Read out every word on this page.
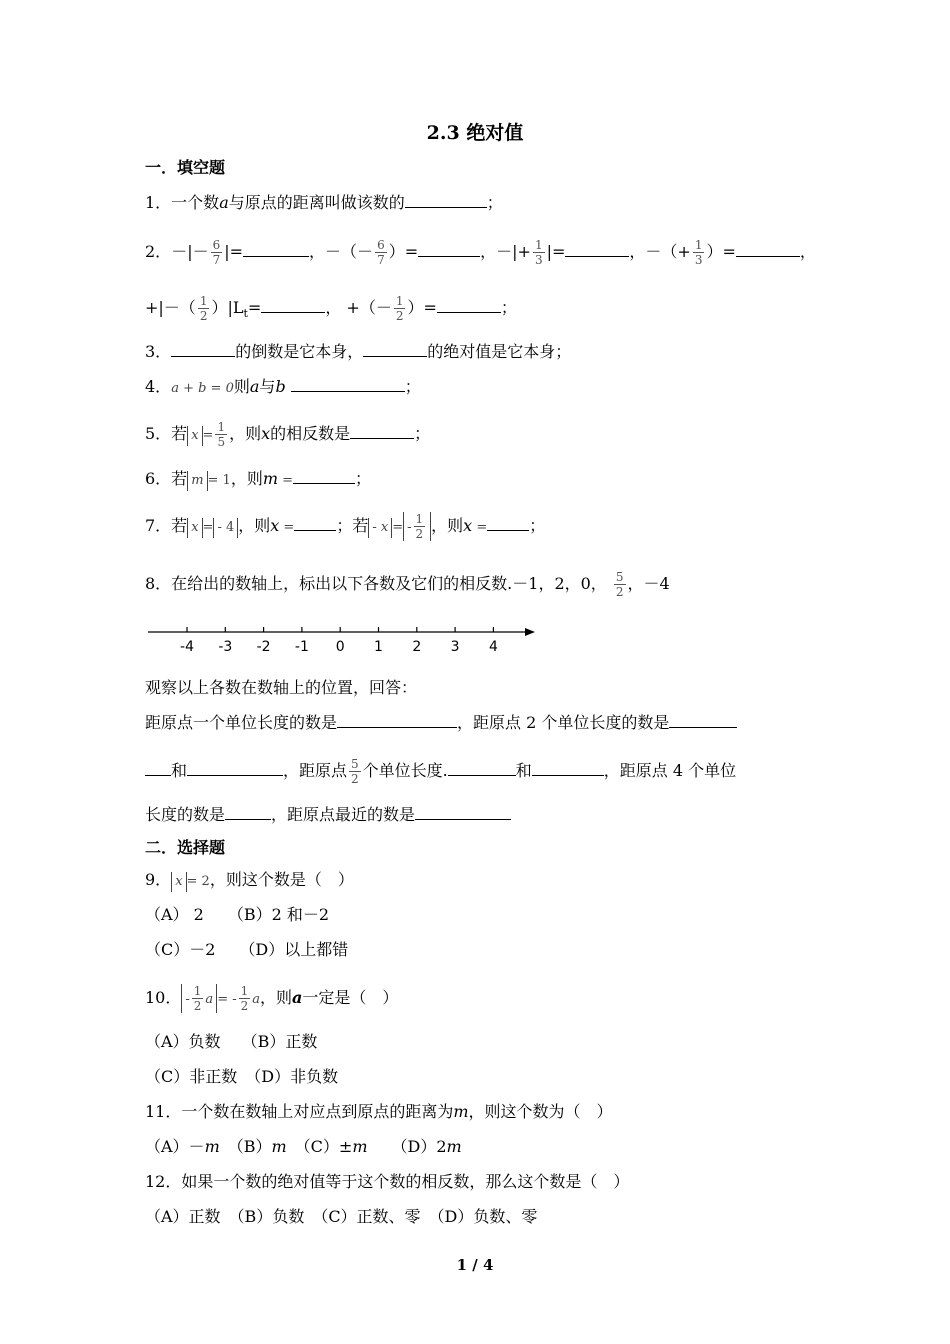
2.3 绝对值
一．填空题
1．一个数a与原点的距离叫做该数的	；
2．－|－ $\frac{6}{7}$ |=	，－（－ $\frac{6}{7}$ ）=	，－|+ $\frac{1}{3}$ |=	，－（+ $\frac{1}{3}$ ）=	，
+|－（ $\frac{1}{2} )|L_t=$	， +（－ $\frac{1}{2}$ ）=	；
3．	的倒数是它本身，	的绝对值是它本身；
4．a + b = 0则a与b	；
5．若 $x = \frac{1}{5}$ ，则x的相反数是	；
6．若 m = 1，则m =	；
7．若 x = - 4 ，则x =	；若 - x = - $\frac{1}{2}$ ，则x =	；
8．在给出的数轴上，标出以下各数及它们的相反数.－1，2，0， $\frac{5}{2}$ ，－4
-4 -3 -2 -1 0 1 2 3 4
观察以上各数在数轴上的位置，回答：
距原点一个单位长度的数是	，距原点 2 个单位长度的数是
和	，距原点 $\frac{5}{2}$ 个单位长度.	和	，距原点 4 个单位
长度的数是	，距原点最近的数是
二．选择题
9． x = 2，则这个数是（　）
（A） 2　　（B）2 和－2
（C）－2　　（D）以上都错
10． - $\frac{1}{2}$ a = - $\frac{1}{2}$ a，则a一定是（　）
（A）负数　 （B）正数
（C）非正数　（D）非负数
11．一个数在数轴上对应点到原点的距离为m，则这个数为（　）
（A）－m　（B）m　（C）±m　　（D）2m
12．如果一个数的绝对值等于这个数的相反数，那么这个数是（　）
（A）正数　（B）负数　（C）正数、零　（D）负数、零
1 / 4
